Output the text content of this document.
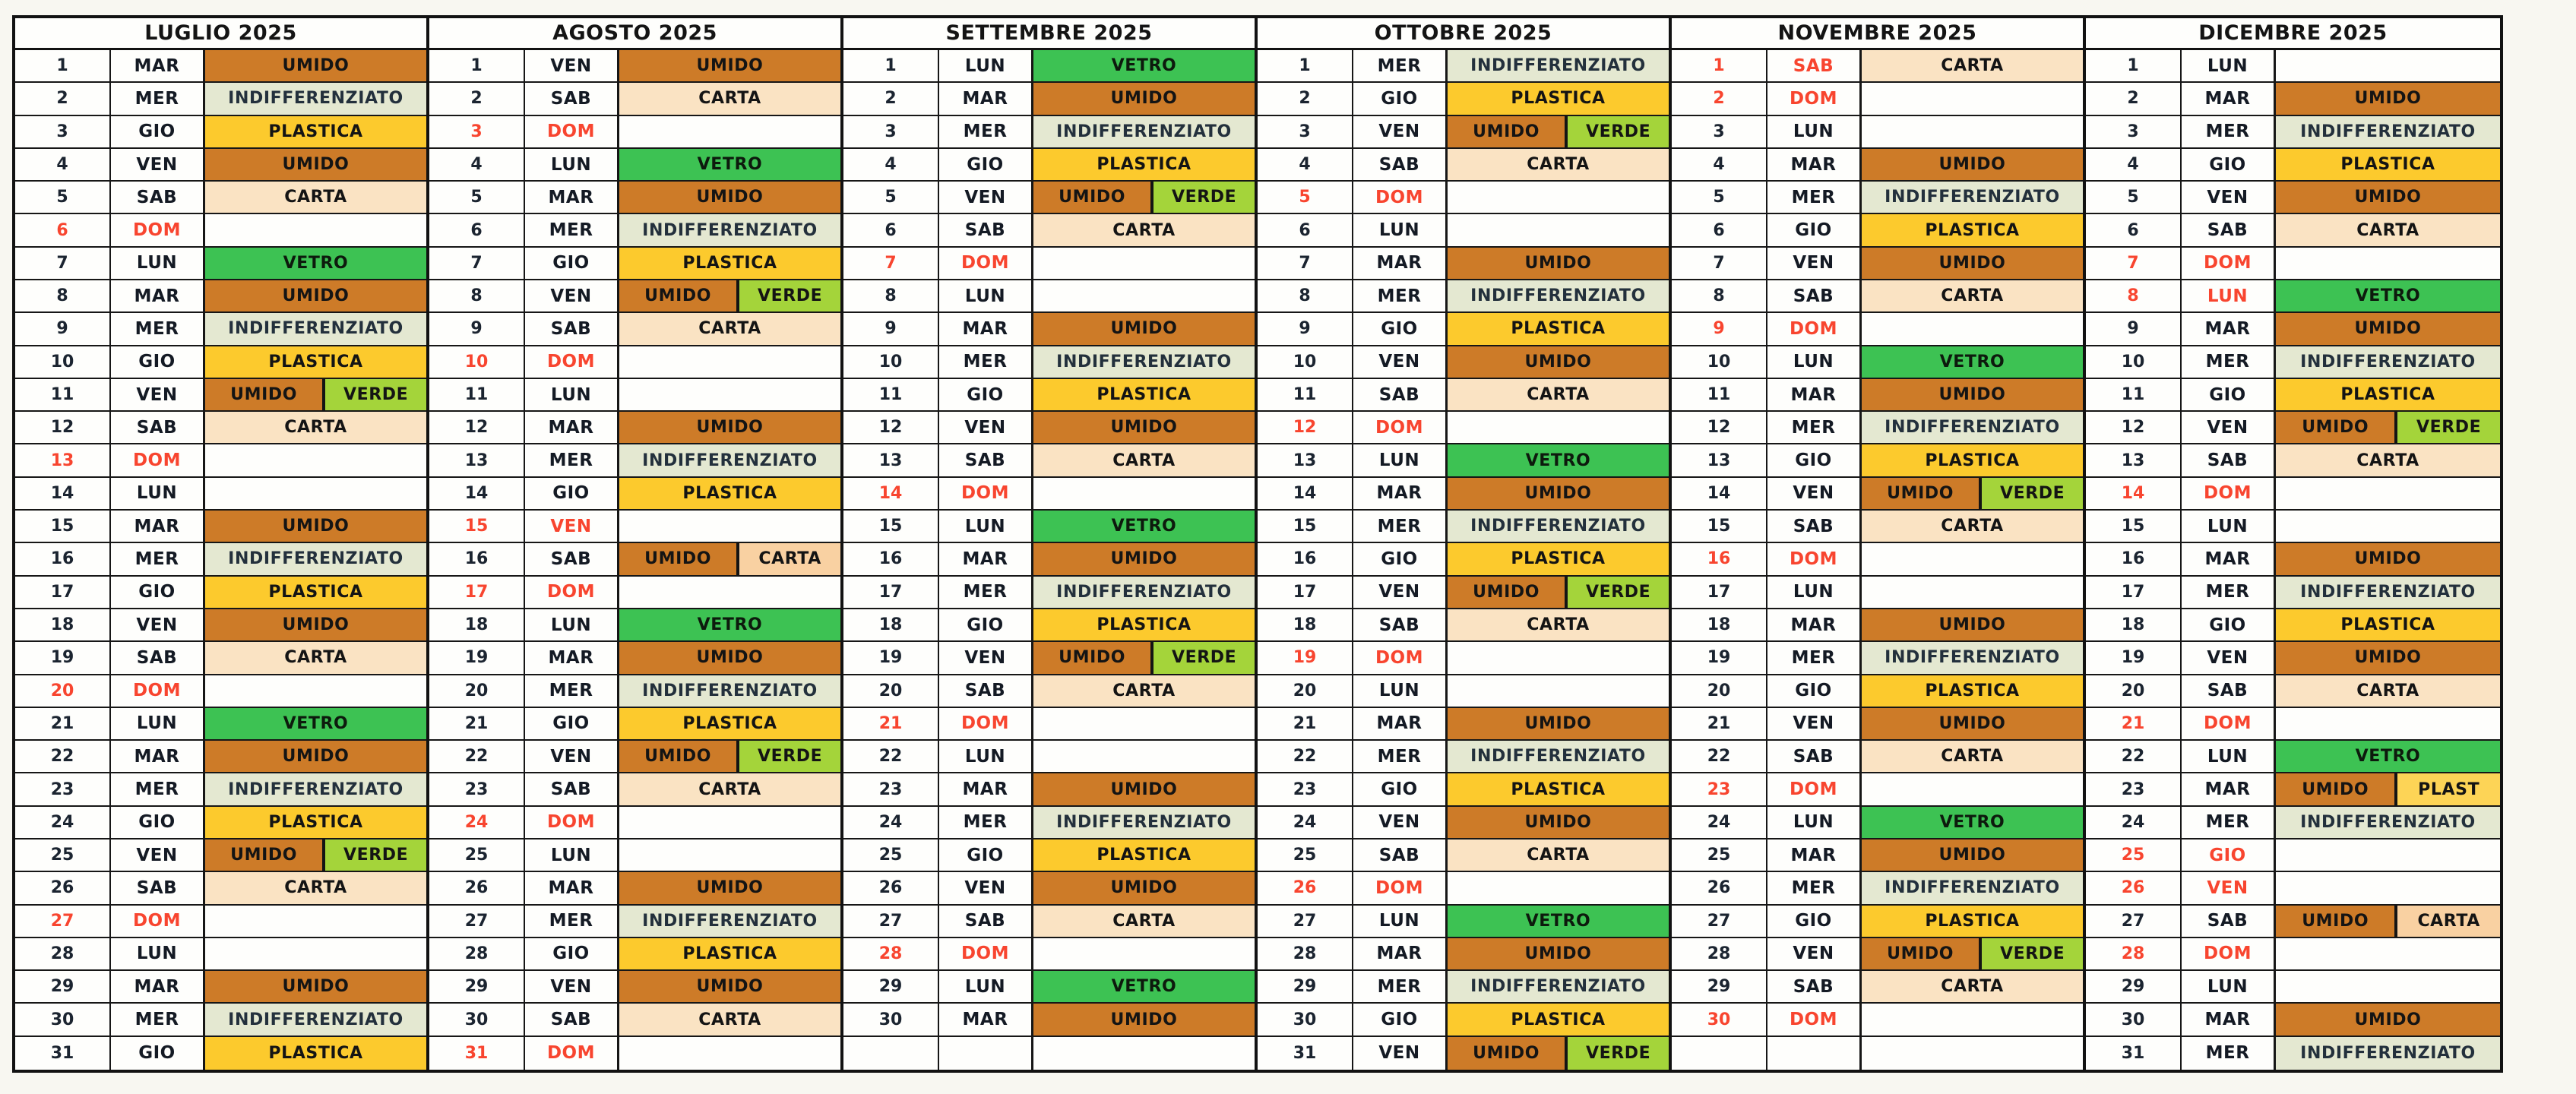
LUGLIO 2025
1	MAR	UMIDO
2	MER	INDIFFERENZIATO
3	GIO	PLASTICA
4	VEN	UMIDO
5	SAB	CARTA
6	DOM
7	LUN	VETRO
8	MAR	UMIDO
9	MER	INDIFFERENZIATO
10	GIO	PLASTICA
11	VEN	UMIDO	VERDE
12	SAB	CARTA
13	DOM
14	LUN
15	MAR	UMIDO
16	MER	INDIFFERENZIATO
17	GIO	PLASTICA
18	VEN	UMIDO
19	SAB	CARTA
20	DOM
21	LUN	VETRO
22	MAR	UMIDO
23	MER	INDIFFERENZIATO
24	GIO	PLASTICA
25	VEN	UMIDO	VERDE
26	SAB	CARTA
27	DOM
28	LUN
29	MAR	UMIDO
30	MER	INDIFFERENZIATO
31	GIO	PLASTICA
AGOSTO 2025
1	VEN	UMIDO
2	SAB	CARTA
3	DOM
4	LUN	VETRO
5	MAR	UMIDO
6	MER	INDIFFERENZIATO
7	GIO	PLASTICA
8	VEN	UMIDO	VERDE
9	SAB	CARTA
10	DOM
11	LUN
12	MAR	UMIDO
13	MER	INDIFFERENZIATO
14	GIO	PLASTICA
15	VEN
16	SAB	UMIDO	CARTA
17	DOM
18	LUN	VETRO
19	MAR	UMIDO
20	MER	INDIFFERENZIATO
21	GIO	PLASTICA
22	VEN	UMIDO	VERDE
23	SAB	CARTA
24	DOM
25	LUN
26	MAR	UMIDO
27	MER	INDIFFERENZIATO
28	GIO	PLASTICA
29	VEN	UMIDO
30	SAB	CARTA
31	DOM
SETTEMBRE 2025
1	LUN	VETRO
2	MAR	UMIDO
3	MER	INDIFFERENZIATO
4	GIO	PLASTICA
5	VEN	UMIDO	VERDE
6	SAB	CARTA
7	DOM
8	LUN
9	MAR	UMIDO
10	MER	INDIFFERENZIATO
11	GIO	PLASTICA
12	VEN	UMIDO
13	SAB	CARTA
14	DOM
15	LUN	VETRO
16	MAR	UMIDO
17	MER	INDIFFERENZIATO
18	GIO	PLASTICA
19	VEN	UMIDO	VERDE
20	SAB	CARTA
21	DOM
22	LUN
23	MAR	UMIDO
24	MER	INDIFFERENZIATO
25	GIO	PLASTICA
26	VEN	UMIDO
27	SAB	CARTA
28	DOM
29	LUN	VETRO
30	MAR	UMIDO
OTTOBRE 2025
1	MER	INDIFFERENZIATO
2	GIO	PLASTICA
3	VEN	UMIDO	VERDE
4	SAB	CARTA
5	DOM
6	LUN
7	MAR	UMIDO
8	MER	INDIFFERENZIATO
9	GIO	PLASTICA
10	VEN	UMIDO
11	SAB	CARTA
12	DOM
13	LUN	VETRO
14	MAR	UMIDO
15	MER	INDIFFERENZIATO
16	GIO	PLASTICA
17	VEN	UMIDO	VERDE
18	SAB	CARTA
19	DOM
20	LUN
21	MAR	UMIDO
22	MER	INDIFFERENZIATO
23	GIO	PLASTICA
24	VEN	UMIDO
25	SAB	CARTA
26	DOM
27	LUN	VETRO
28	MAR	UMIDO
29	MER	INDIFFERENZIATO
30	GIO	PLASTICA
31	VEN	UMIDO	VERDE
NOVEMBRE 2025
1	SAB	CARTA
2	DOM
3	LUN
4	MAR	UMIDO
5	MER	INDIFFERENZIATO
6	GIO	PLASTICA
7	VEN	UMIDO
8	SAB	CARTA
9	DOM
10	LUN	VETRO
11	MAR	UMIDO
12	MER	INDIFFERENZIATO
13	GIO	PLASTICA
14	VEN	UMIDO	VERDE
15	SAB	CARTA
16	DOM
17	LUN
18	MAR	UMIDO
19	MER	INDIFFERENZIATO
20	GIO	PLASTICA
21	VEN	UMIDO
22	SAB	CARTA
23	DOM
24	LUN	VETRO
25	MAR	UMIDO
26	MER	INDIFFERENZIATO
27	GIO	PLASTICA
28	VEN	UMIDO	VERDE
29	SAB	CARTA
30	DOM
DICEMBRE 2025
1	LUN
2	MAR	UMIDO
3	MER	INDIFFERENZIATO
4	GIO	PLASTICA
5	VEN	UMIDO
6	SAB	CARTA
7	DOM
8	LUN	VETRO
9	MAR	UMIDO
10	MER	INDIFFERENZIATO
11	GIO	PLASTICA
12	VEN	UMIDO	VERDE
13	SAB	CARTA
14	DOM
15	LUN
16	MAR	UMIDO
17	MER	INDIFFERENZIATO
18	GIO	PLASTICA
19	VEN	UMIDO
20	SAB	CARTA
21	DOM
22	LUN	VETRO
23	MAR	UMIDO	PLAST
24	MER	INDIFFERENZIATO
25	GIO
26	VEN
27	SAB	UMIDO	CARTA
28	DOM
29	LUN
30	MAR	UMIDO
31	MER	INDIFFERENZIATO
